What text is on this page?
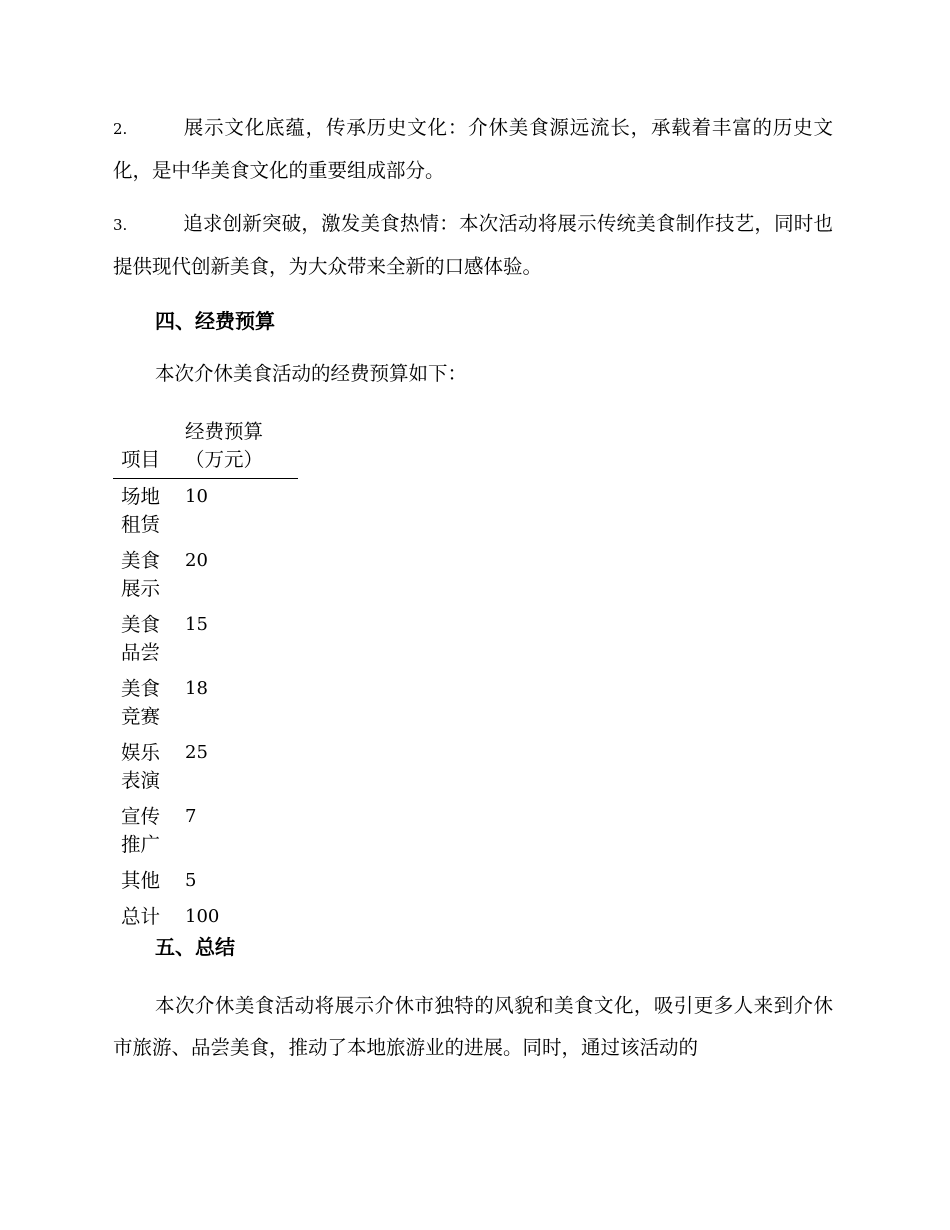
2.	展示文化底蕴，传承历史文化：介休美食源远流长，承载着丰富的历史文化，是中华美食文化的重要组成部分。

3.	追求创新突破，激发美食热情：本次活动将展示传统美食制作技艺，同时也提供现代创新美食，为大众带来全新的口感体验。

四、经费预算

本次介休美食活动的经费预算如下：

项目	经费预算（万元）
场地租赁	10
美食展示	20
美食品尝	15
美食竞赛	18
娱乐表演	25
宣传推广	7
其他	5
总计	100
五、总结

本次介休美食活动将展示介休市独特的风貌和美食文化，吸引更多人来到介休市旅游、品尝美食，推动了本地旅游业的进展。同时，通过该活动的
